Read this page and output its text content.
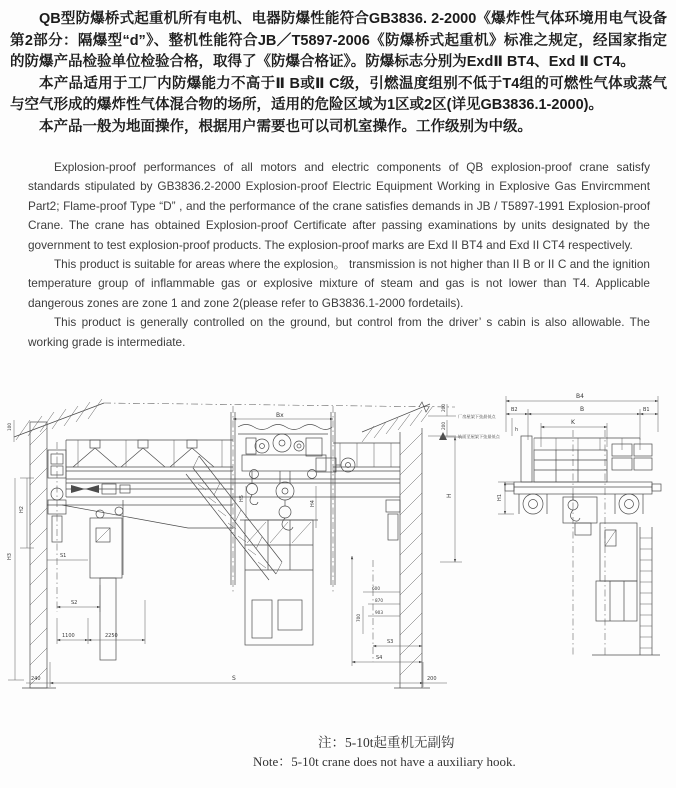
QB型防爆桥式起重机所有电机、电器防爆性能符合GB3836. 2-2000《爆炸性气体环境用电气设备第2部分：隔爆型“d”》、整机性能符合JB／T5897-2006《防爆桥式起重机》标准之规定，经国家指定的防爆产品检验单位检验合格，取得了《防爆合格证》。防爆标志分别为ExdⅡ BT4、Exd Ⅱ CT4。

本产品适用于工厂内防爆能力不高于Ⅱ B或Ⅱ C级，引燃温度组别不低于T4组的可燃性气体或蒸气与空气形成的爆炸性气体混合物的场所，适用的危险区域为1区或2区(详见GB3836.1-2000)。

本产品一般为地面操作，根据用户需要也可以司机室操作。工作级别为中级。

Explosion-proof performances of all motors and electric components of QB explosion-proof crane satisfy standards stipulated by GB3836.2-2000 Explosion-proof Electric Equipment Working in Explosive Gas Envircmment Part2; Flame-proof Type “D” , and the performance of the crane satisfies demands in JB / T5897-1991 Explosion-proof Crane. The crane has obtained Explosion-proof Certificate after passing examinations by units designated by the government to test explosion-proof products. The explosion-proof marks are Exd II BT4 and Exd II CT4 respectively.

This product is suitable for areas where the explosion。 transmission is not higher than II B or II C and the ignition temperature group of inflammable gas or explosive mixture of steam and gas is not lower than T4. Applicable dangerous zones are zone 1 and zone 2(please refer to GB3836.1-2000 fordetails).

This product is generally controlled on the ground, but control from the driver’ s cabin is also allowable. The working grade is intermediate.

Bx
H5
H4
厂房屋架下弦最低点
轨面至屋架下弦最低点
200
200	h
H
100
H2
H3	S1
S2
1100	2250
240	S	200
600
870
903
700
S3
S4
B4
B2	B	B1
K
H1
注：5-10t起重机无副钩
Note：5-10t crane does not have a auxiliary hook.
